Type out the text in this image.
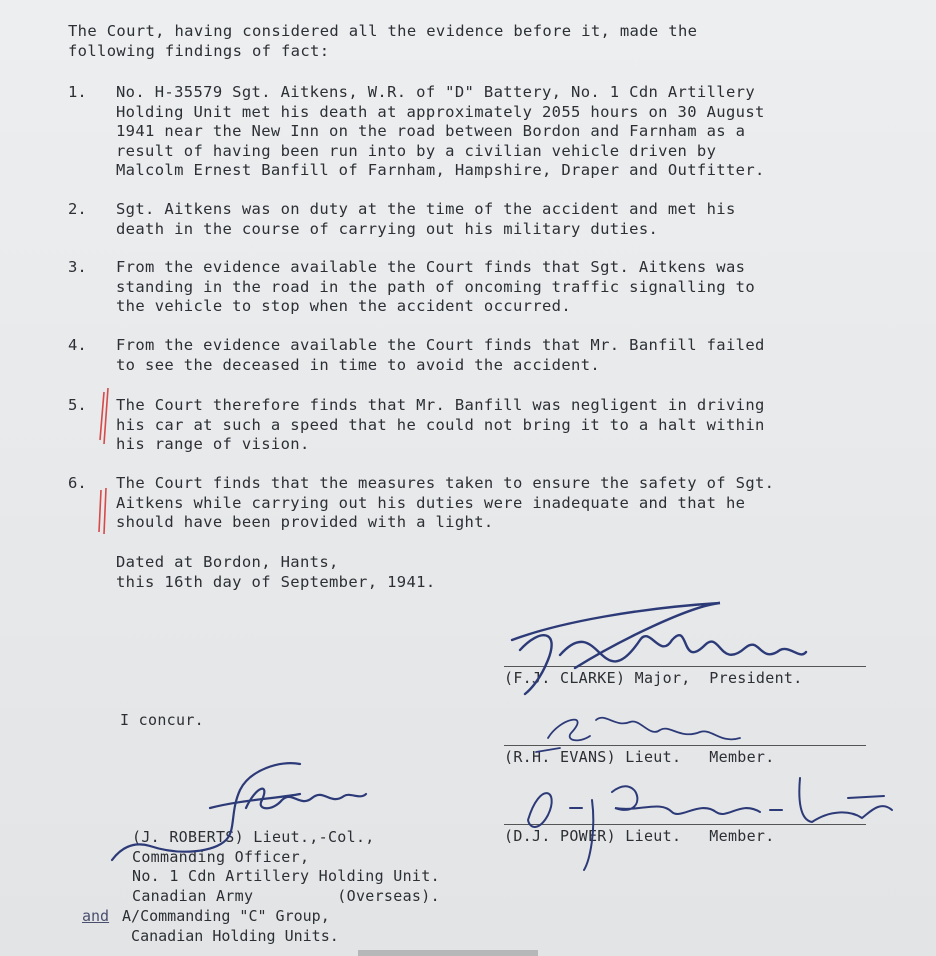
The Court, having considered all the evidence before it, made the
following findings of fact:
1. No. H-35579 Sgt. Aitkens, W.R. of "D" Battery, No. 1 Cdn Artillery
Holding Unit met his death at approximately 2055 hours on 30 August
1941 near the New Inn on the road between Bordon and Farnham as a
result of having been run into by a civilian vehicle driven by
Malcolm Ernest Banfill of Farnham, Hampshire, Draper and Outfitter.
2. Sgt. Aitkens was on duty at the time of the accident and met his
death in the course of carrying out his military duties.
3. From the evidence available the Court finds that Sgt. Aitkens was
standing in the road in the path of oncoming traffic signalling to
the vehicle to stop when the accident occurred.
4. From the evidence available the Court finds that Mr. Banfill failed
to see the deceased in time to avoid the accident.
5. The Court therefore finds that Mr. Banfill was negligent in driving
his car at such a speed that he could not bring it to a halt within
his range of vision.
6. The Court finds that the measures taken to ensure the safety of Sgt.
Aitkens while carrying out his duties were inadequate and that he
should have been provided with a light.
Dated at Bordon, Hants,
this 16th day of September, 1941.
(F.J. CLARKE) Major,  President.
I concur.
(R.H. EVANS) Lieut.   Member.
(D.J. POWER) Lieut.   Member.
(J. ROBERTS) Lieut.,-Col.,
Commanding Officer,
No. 1 Cdn Artillery Holding Unit.
Canadian Army         (Overseas).
and A/Commanding "C" Group,
Canadian Holding Units.
